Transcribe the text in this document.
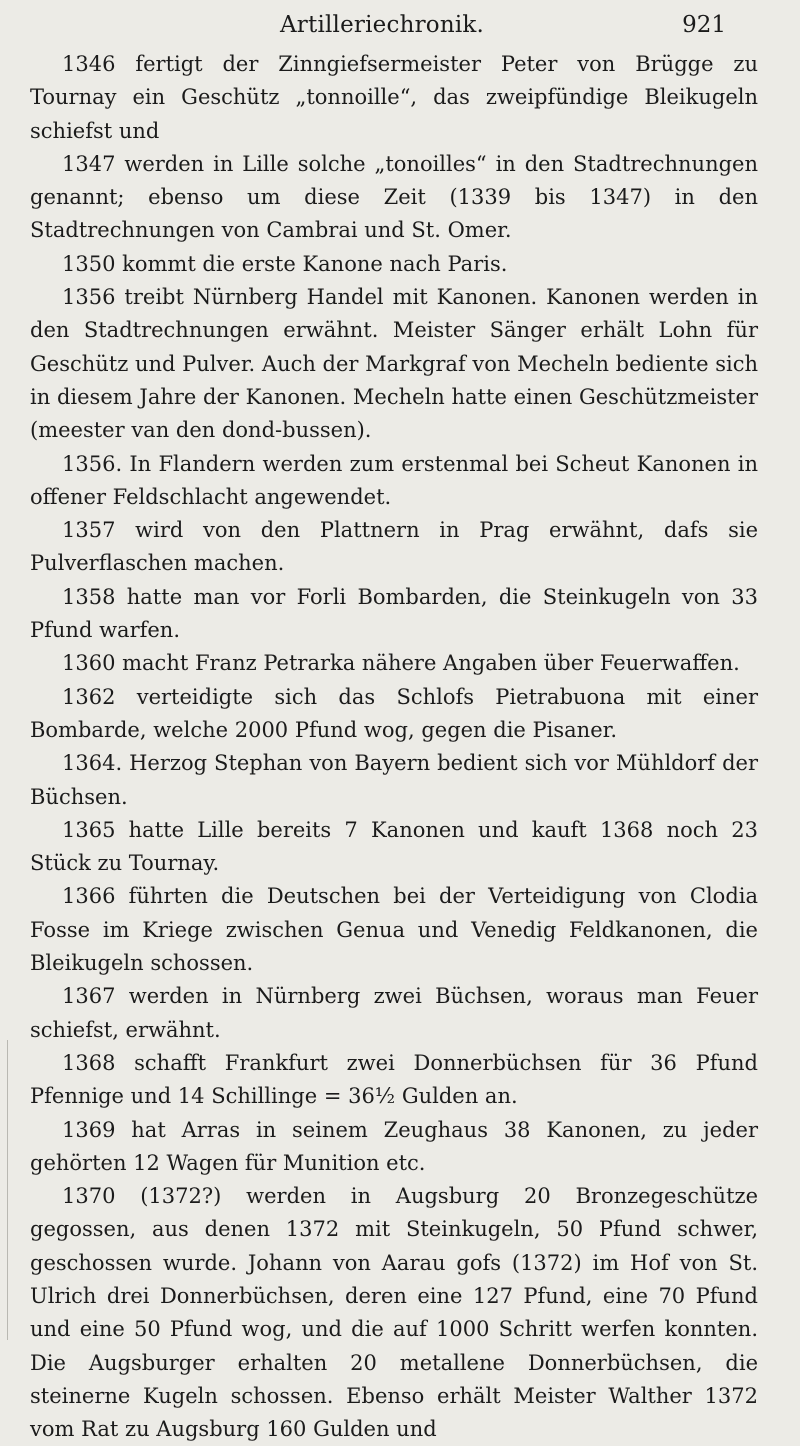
Artilleriechronik.	921

1346 fertigt der Zinngiefsermeister Peter von Brügge zu Tournay ein Geschütz „tonnoille“, das zweipfündige Bleikugeln schiefst und

1347 werden in Lille solche „tonoilles“ in den Stadtrechnungen genannt; ebenso um diese Zeit (1339 bis 1347) in den Stadtrechnungen von Cambrai und St. Omer.

1350 kommt die erste Kanone nach Paris.

1356 treibt Nürnberg Handel mit Kanonen. Kanonen werden in den Stadtrechnungen erwähnt. Meister Sänger erhält Lohn für Geschütz und Pulver. Auch der Markgraf von Mecheln bediente sich in diesem Jahre der Kanonen. Mecheln hatte einen Geschützmeister (meester van den dond-bussen).

1356. In Flandern werden zum erstenmal bei Scheut Kanonen in offener Feldschlacht angewendet.

1357 wird von den Plattnern in Prag erwähnt, dafs sie Pulverflaschen machen.

1358 hatte man vor Forli Bombarden, die Steinkugeln von 33 Pfund warfen.

1360 macht Franz Petrarka nähere Angaben über Feuerwaffen.

1362 verteidigte sich das Schlofs Pietrabuona mit einer Bombarde, welche 2000 Pfund wog, gegen die Pisaner.

1364. Herzog Stephan von Bayern bedient sich vor Mühldorf der Büchsen.

1365 hatte Lille bereits 7 Kanonen und kauft 1368 noch 23 Stück zu Tournay.

1366 führten die Deutschen bei der Verteidigung von Clodia Fosse im Kriege zwischen Genua und Venedig Feldkanonen, die Bleikugeln schossen.

1367 werden in Nürnberg zwei Büchsen, woraus man Feuer schiefst, erwähnt.

1368 schafft Frankfurt zwei Donnerbüchsen für 36 Pfund Pfennige und 14 Schillinge = 36½ Gulden an.

1369 hat Arras in seinem Zeughaus 38 Kanonen, zu jeder gehörten 12 Wagen für Munition etc.

1370 (1372?) werden in Augsburg 20 Bronzegeschütze gegossen, aus denen 1372 mit Steinkugeln, 50 Pfund schwer, geschossen wurde. Johann von Aarau gofs (1372) im Hof von St. Ulrich drei Donnerbüchsen, deren eine 127 Pfund, eine 70 Pfund und eine 50 Pfund wog, und die auf 1000 Schritt werfen konnten. Die Augsburger erhalten 20 metallene Donnerbüchsen, die steinerne Kugeln schossen. Ebenso erhält Meister Walther 1372 vom Rat zu Augsburg 160 Gulden und
